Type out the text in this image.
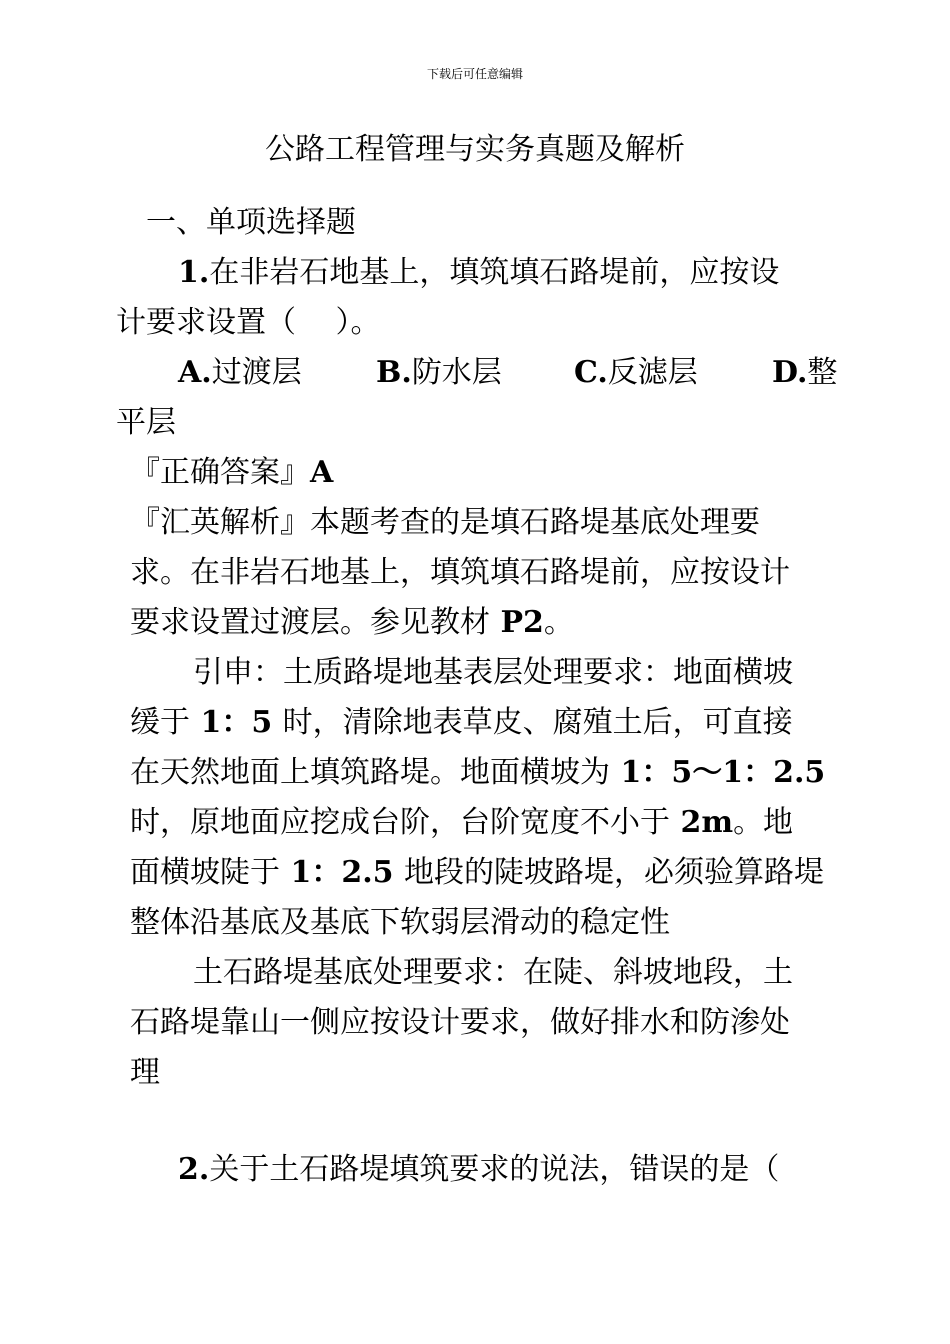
下载后可任意编辑
公路工程管理与实务真题及解析
一、单项选择题
1.在非岩石地基上，填筑填石路堤前，应按设
计要求设置（　 ）。
A.过渡层 B.防水层 C.反滤层 D.整
平层
『正确答案』A
『汇英解析』本题考查的是填石路堤基底处理要
求。在非岩石地基上，填筑填石路堤前，应按设计
要求设置过渡层。参见教材 P2。
引申：土质路堤地基表层处理要求：地面横坡
缓于 1：5 时，清除地表草皮、腐殖土后，可直接
在天然地面上填筑路堤。地面横坡为 1：5～1：2.5
时，原地面应挖成台阶，台阶宽度不小于 2m。地
面横坡陡于 1：2.5 地段的陡坡路堤，必须验算路堤
整体沿基底及基底下软弱层滑动的稳定性
土石路堤基底处理要求：在陡、斜坡地段，土
石路堤靠山一侧应按设计要求，做好排水和防渗处
理
2.关于土石路堤填筑要求的说法，错误的是（
